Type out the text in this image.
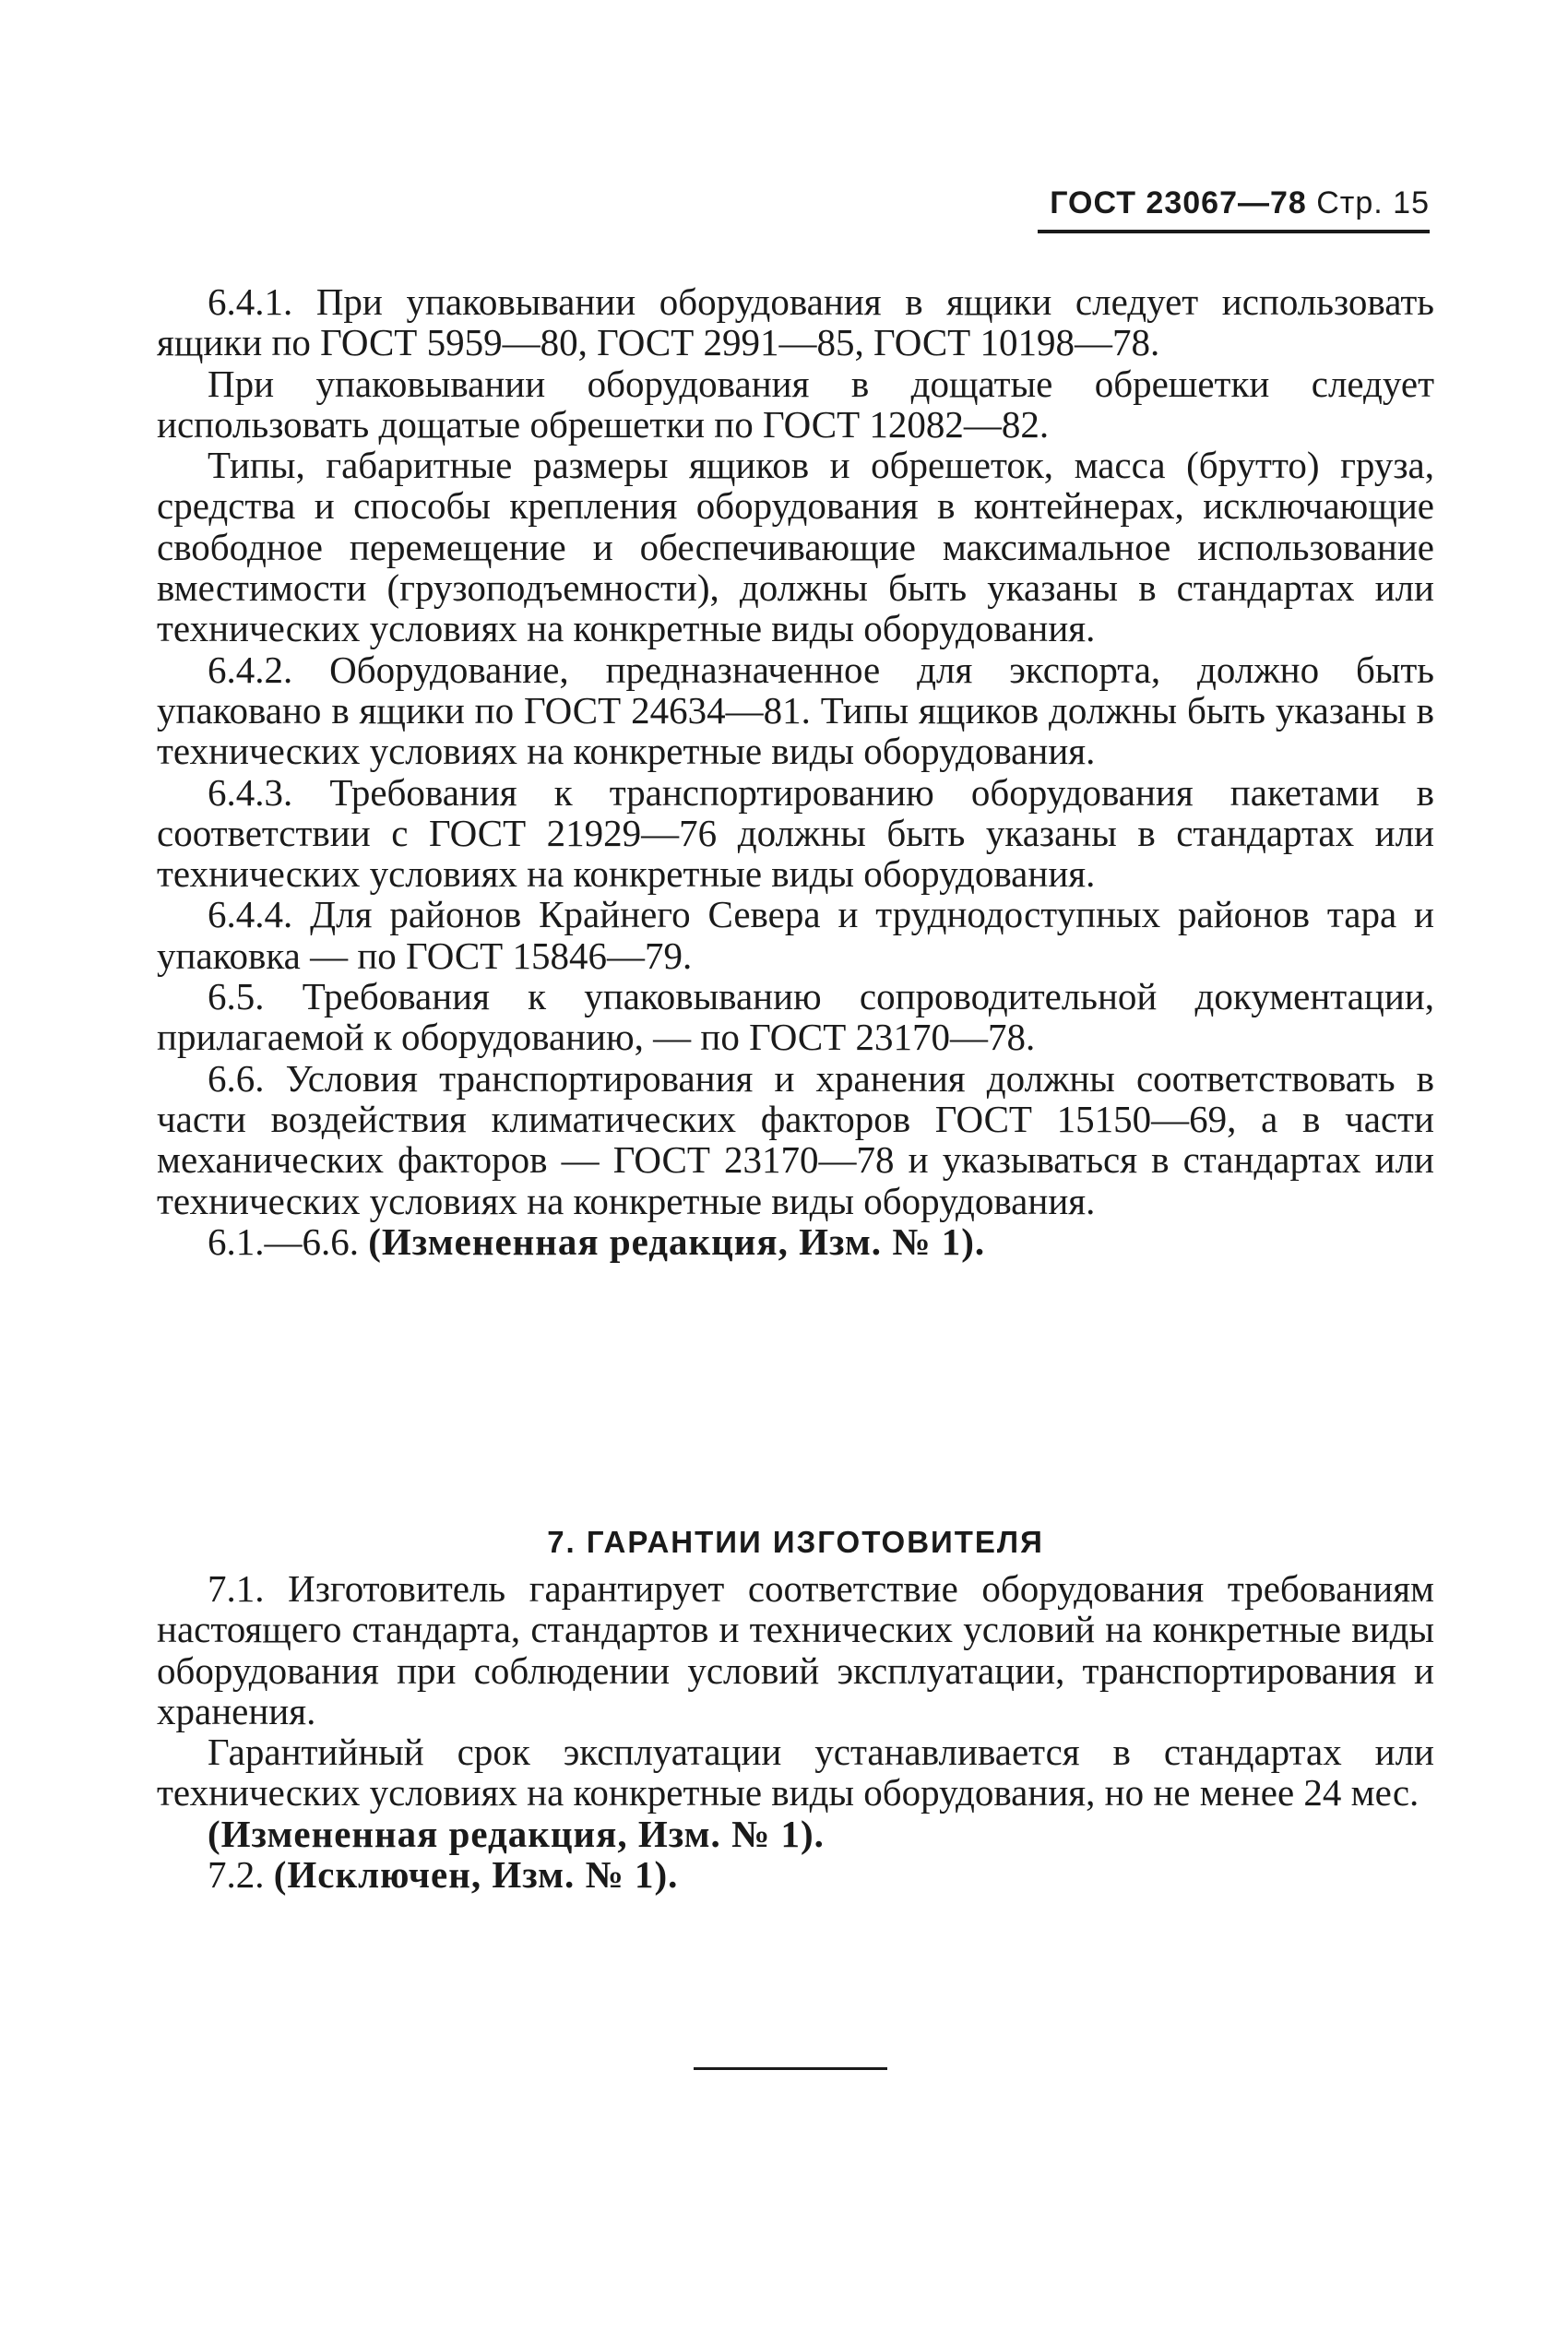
ГОСТ 23067—78 Стр. 15

6.4.1. При упаковывании оборудования в ящики следует использовать ящики по ГОСТ 5959—80, ГОСТ 2991—85, ГОСТ 10198—78.

При упаковывании оборудования в дощатые обрешетки следует использовать дощатые обрешетки по ГОСТ 12082—82.

Типы, габаритные размеры ящиков и обрешеток, масса (брутто) груза, средства и способы крепления оборудования в контейнерах, исключающие свободное перемещение и обеспечивающие максимальное использование вместимости (грузоподъемности), должны быть указаны в стандартах или технических условиях на конкретные виды оборудования.

6.4.2. Оборудование, предназначенное для экспорта, должно быть упаковано в ящики по ГОСТ 24634—81. Типы ящиков должны быть указаны в технических условиях на конкретные виды оборудования.

6.4.3. Требования к транспортированию оборудования пакетами в соответствии с ГОСТ 21929—76 должны быть указаны в стандартах или технических условиях на конкретные виды оборудования.

6.4.4. Для районов Крайнего Севера и труднодоступных районов тара и упаковка — по ГОСТ 15846—79.

6.5. Требования к упаковыванию сопроводительной документации, прилагаемой к оборудованию, — по ГОСТ 23170—78.

6.6. Условия транспортирования и хранения должны соответствовать в части воздействия климатических факторов ГОСТ 15150—69, а в части механических факторов — ГОСТ 23170—78 и указываться в стандартах или технических условиях на конкретные виды оборудования.

6.1.—6.6. (Измененная редакция, Изм. № 1).

7. ГАРАНТИИ ИЗГОТОВИТЕЛЯ

7.1. Изготовитель гарантирует соответствие оборудования требованиям настоящего стандарта, стандартов и технических условий на конкретные виды оборудования при соблюдении условий эксплуатации, транспортирования и хранения.

Гарантийный срок эксплуатации устанавливается в стандартах или технических условиях на конкретные виды оборудования, но не менее 24 мес.

(Измененная редакция, Изм. № 1).

7.2. (Исключен, Изм. № 1).
